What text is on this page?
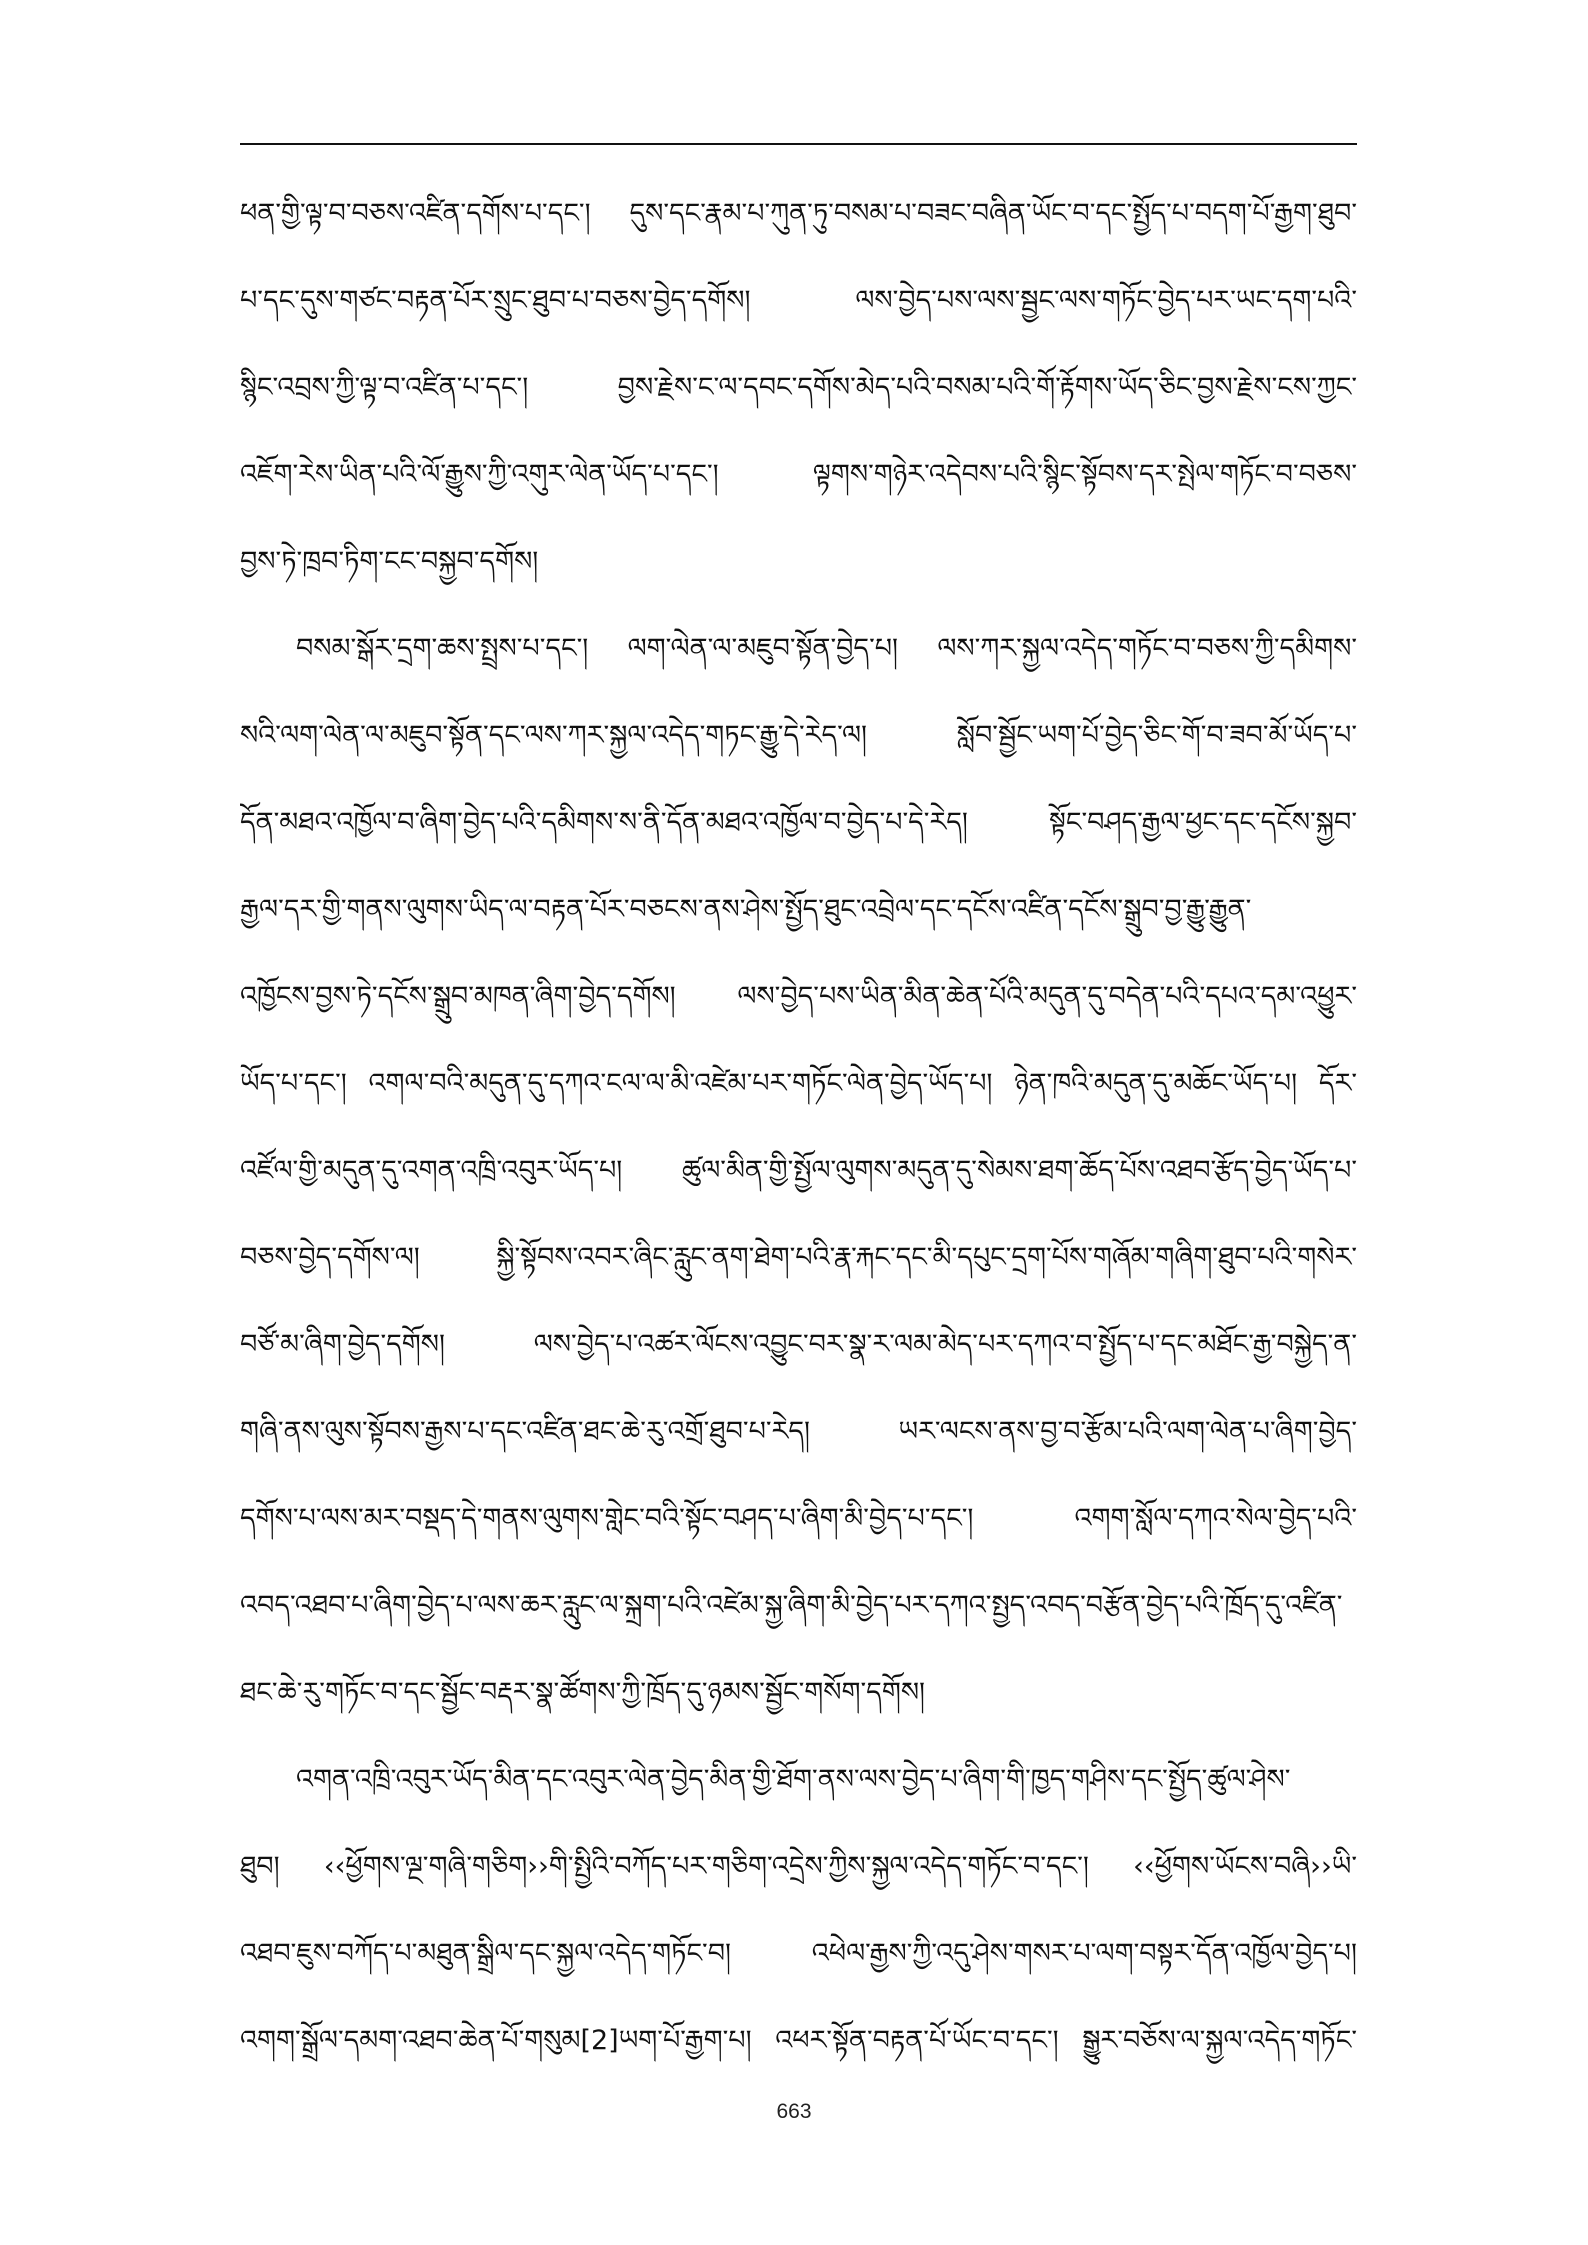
ཕན་གྱི་ལྟ་བ་བཅས་འཛིན་དགོས་པ་དང་། དུས་དང་རྣམ་པ་ཀུན་ཏུ་བསམ་པ་བཟང་བཞིན་ཡོང་བ་དང་སྤྱོད་པ་བདག་པོ་རྒྱག་ཐུབ་
པ་དང་དུས་གཙང་བརྟན་པོར་སྲུང་ཐུབ་པ་བཅས་བྱེད་དགོས། ལས་བྱེད་པས་ལས་སྦྱང་ལས་གཏོང་བྱེད་པར་ཡང་དག་པའི་
སྙིང་འབྲས་ཀྱི་ལྟ་བ་འཛིན་པ་དང་། བྱས་རྗེས་ང་ལ་དབང་དགོས་མེད་པའི་བསམ་པའི་གོ་རྟོགས་ཡོད་ཅིང་བྱས་རྗེས་ངས་ཀྱང་
འཇོག་རེས་ཡིན་པའི་ལོ་རྒྱུས་ཀྱི་འགུར་ལེན་ཡོད་པ་དང་། ལྟགས་གཉེར་འདེབས་པའི་སྙིང་སྟོབས་དར་སྤེལ་གཏོང་བ་བཅས་
བྱས་ཏེ་ཁྲབ་ཏིག་ངང་བསྐྱབ་དགོས།
བསམ་སྒོར་དྲག་ཆས་སྤྲས་པ་དང་། ལག་ལེན་ལ་མཇུབ་སྟོན་བྱེད་པ། ལས་ཀར་སྐྱལ་འདེད་གཏོང་བ་བཅས་ཀྱི་དམིགས་
སའི་ལག་ལེན་ལ་མཇུབ་སྟོན་དང་ལས་ཀར་སྐྱལ་འདེད་གཏང་རྒྱུ་དེ་རེད་ལ། སློབ་སྦྱོང་ཡག་པོ་བྱེད་ཅིང་གོ་བ་ཟབ་མོ་ཡོད་པ་
དོན་མཐའ་འཁྱོལ་བ་ཞིག་བྱེད་པའི་དམིགས་ས་ནི་དོན་མཐའ་འཁྱོལ་བ་བྱེད་པ་དེ་རེད། སྟོང་བཤད་རྒྱལ་ཕྱང་དང་དངོས་སྐྱབ་
རྒྱལ་དར་གྱི་གནས་ལུགས་ཡིད་ལ་བརྟན་པོར་བཅངས་ནས་ཤེས་སྤྱོད་ཐུང་འབྲེལ་དང་དངོས་འཛིན་དངོས་སྒྲུབ་བྱ་རྒྱུ་རྒྱུན་
འཁྱོངས་བྱས་ཏེ་དངོས་སྒྲུབ་མཁན་ཞིག་བྱེད་དགོས། ལས་བྱེད་པས་ཡིན་མིན་ཆེན་པོའི་མདུན་དུ་བདེན་པའི་དཔའ་དམ་འཕྱུར་
ཡོད་པ་དང་། འགལ་བའི་མདུན་དུ་དཀའ་ངལ་ལ་མི་འཛེམ་པར་གཏོང་ལེན་བྱེད་ཡོད་པ། ཉེན་ཁའི་མདུན་དུ་མཆོང་ཡོད་པ། དོར་
འཛོལ་གྱི་མདུན་དུ་འགན་འཁྲི་འབུར་ཡོད་པ། ཚུལ་མིན་གྱི་སྤྱོལ་ལུགས་མདུན་དུ་སེམས་ཐག་ཆོད་པོས་འཐབ་རྩོད་བྱེད་ཡོད་པ་
བཅས་བྱེད་དགོས་ལ། སྐྱི་སྟོབས་འབར་ཞིང་རླུང་ནག་ཐེག་པའི་རྣ་རྐང་དང་མི་དཔུང་དྲག་པོས་གཞོམ་གཞིག་ཐུབ་པའི་གསེར་
བཙོ་མ་ཞིག་བྱེད་དགོས། ལས་བྱེད་པ་འཚར་ལོངས་འབྱུང་བར་སྣ་ར་ལམ་མེད་པར་དཀའ་བ་སྤྱོད་པ་དང་མཐོང་རྒྱ་བསྐྱེད་ན་
གཞི་ནས་ལུས་སྟོབས་རྒྱས་པ་དང་འཛིན་ཐང་ཆེ་རུ་འགྲོ་ཐུབ་པ་རེད། ཡར་ལངས་ནས་བྱ་བ་རྩོམ་པའི་ལག་ལེན་པ་ཞིག་བྱེད་
དགོས་པ་ལས་མར་བསྡད་དེ་གནས་ལུགས་གླེང་བའི་སྟོང་བཤད་པ་ཞིག་མི་བྱེད་པ་དང་། འགག་སློལ་དཀའ་སེལ་བྱེད་པའི་
འབད་འཐབ་པ་ཞིག་བྱེད་པ་ལས་ཆར་རླུང་ལ་སྐྲག་པའི་འཛེམ་སྐྱ་ཞིག་མི་བྱེད་པར་དཀའ་སྤྱད་འབད་བརྩོན་བྱེད་པའི་ཁྲོད་དུ་འཛིན་
ཐང་ཆེ་རུ་གཏོང་བ་དང་སྦྱོང་བརྡར་སྣ་ཚོགས་ཀྱི་ཁྲོད་དུ་ཉམས་སྦྱོང་གསོག་དགོས།
འགན་འཁྲི་འབུར་ཡོད་མིན་དང་འབུར་ལེན་བྱེད་མིན་གྱི་ཐོག་ནས་ལས་བྱེད་པ་ཞིག་གི་ཁྱད་གཤིས་དང་སྤྱོད་ཚུལ་ཤེས་
ཐུབ། ‹‹ཕྱོགས་ལྔ་གཞི་གཅིག››གི་སྤྱིའི་བཀོད་པར་གཅིག་འདྲེས་ཀྱིས་སྐྱལ་འདེད་གཏོང་བ་དང་། ‹‹ཕྱོགས་ཡོངས་བཞི››ཡི་
འཐབ་ཇུས་བཀོད་པ་མཐུན་སྒྲིལ་དང་སྐྱལ་འདེད་གཏོང་བ། འཕེལ་རྒྱས་ཀྱི་འདུ་ཤེས་གསར་པ་ལག་བསྟར་དོན་འཁྱོལ་བྱེད་པ།
འགག་སྒྲོལ་དམག་འཐབ་ཆེན་པོ་གསུམ[2]ཡག་པོ་རྒྱག་པ། འཕར་སྟོན་བརྟན་པོ་ཡོང་བ་དང་། སྒྱུར་བཅོས་ལ་སྐྱལ་འདེད་གཏོང་
663
